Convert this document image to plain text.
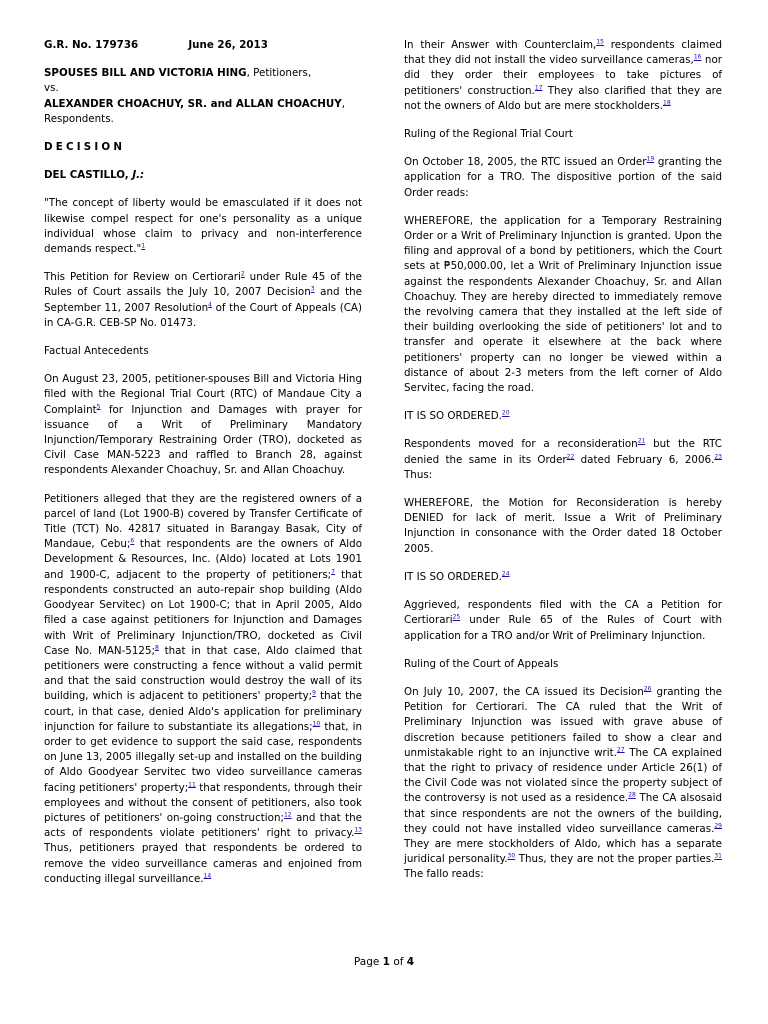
G.R. No. 179736	June 26, 2013
SPOUSES BILL AND VICTORIA HING, Petitioners,
vs.
ALEXANDER CHOACHUY, SR. and ALLAN CHOACHUY, Respondents.
DECISION
DEL CASTILLO, J.:
"The concept of liberty would be emasculated if it does not likewise compel respect for one's personality as a unique individual whose claim to privacy and non-interference demands respect."$^1$
This Petition for Review on Certiorari$^2$ under Rule 45 of the Rules of Court assails the July 10, 2007 Decision$^3$ and the September 11, 2007 Resolution$^4$ of the Court of Appeals (CA) in CA-G.R. CEB-SP No. 01473.
Factual Antecedents
On August 23, 2005, petitioner-spouses Bill and Victoria Hing filed with the Regional Trial Court (RTC) of Mandaue City a Complaint$^5$ for Injunction and Damages with prayer for issuance of a Writ of Preliminary Mandatory Injunction/Temporary Restraining Order (TRO), docketed as Civil Case MAN-5223 and raffled to Branch 28, against respondents Alexander Choachuy, Sr. and Allan Choachuy.
Petitioners alleged that they are the registered owners of a parcel of land (Lot 1900-B) covered by Transfer Certificate of Title (TCT) No. 42817 situated in Barangay Basak, City of Mandaue, Cebu;$^6$ that respondents are the owners of Aldo Development & Resources, Inc. (Aldo) located at Lots 1901 and 1900-C, adjacent to the property of petitioners;$^7$ that respondents constructed an auto-repair shop building (Aldo Goodyear Servitec) on Lot 1900-C; that in April 2005, Aldo filed a case against petitioners for Injunction and Damages with Writ of Preliminary Injunction/TRO, docketed as Civil Case No. MAN-5125;$^8$ that in that case, Aldo claimed that petitioners were constructing a fence without a valid permit and that the said construction would destroy the wall of its building, which is adjacent to petitioners' property;$^9$ that the court, in that case, denied Aldo's application for preliminary injunction for failure to substantiate its allegations;$^{10}$ that, in order to get evidence to support the said case, respondents on June 13, 2005 illegally set-up and installed on the building of Aldo Goodyear Servitec two video surveillance cameras facing petitioners' property;$^{11}$ that respondents, through their employees and without the consent of petitioners, also took pictures of petitioners' on-going construction;$^{12}$ and that the acts of respondents violate petitioners' right to privacy.$^{13}$ Thus, petitioners prayed that respondents be ordered to remove the video surveillance cameras and enjoined from conducting illegal surveillance.$^{14}$
In their Answer with Counterclaim,$^{15}$ respondents claimed that they did not install the video surveillance cameras,$^{16}$ nor did they order their employees to take pictures of petitioners' construction.$^{17}$ They also clarified that they are not the owners of Aldo but are mere stockholders.$^{18}$
Ruling of the Regional Trial Court
On October 18, 2005, the RTC issued an Order$^{19}$ granting the application for a TRO. The dispositive portion of the said Order reads:
WHEREFORE, the application for a Temporary Restraining Order or a Writ of Preliminary Injunction is granted. Upon the filing and approval of a bond by petitioners, which the Court sets at ₱50,000.00, let a Writ of Preliminary Injunction issue against the respondents Alexander Choachuy, Sr. and Allan Choachuy. They are hereby directed to immediately remove the revolving camera that they installed at the left side of their building overlooking the side of petitioners' lot and to transfer and operate it elsewhere at the back where petitioners' property can no longer be viewed within a distance of about 2-3 meters from the left corner of Aldo Servitec, facing the road.
IT IS SO ORDERED.$^{20}$
Respondents moved for a reconsideration$^{21}$ but the RTC denied the same in its Order$^{22}$ dated February 6, 2006.23 Thus:
WHEREFORE, the Motion for Reconsideration is hereby DENIED for lack of merit. Issue a Writ of Preliminary Injunction in consonance with the Order dated 18 October 2005.
IT IS SO ORDERED.$^{24}$
Aggrieved, respondents filed with the CA a Petition for Certiorari$^{25}$ under Rule 65 of the Rules of Court with application for a TRO and/or Writ of Preliminary Injunction.
Ruling of the Court of Appeals
On July 10, 2007, the CA issued its Decision$^{26}$ granting the Petition for Certiorari. The CA ruled that the Writ of Preliminary Injunction was issued with grave abuse of discretion because petitioners failed to show a clear and unmistakable right to an injunctive writ.$^{27}$ The CA explained that the right to privacy of residence under Article 26(1) of the Civil Code was not violated since the property subject of the controversy is not used as a residence.$^{28}$ The CA alsosaid that since respondents are not the owners of the building, they could not have installed video surveillance cameras.$^{29}$ They are mere stockholders of Aldo, which has a separate juridical personality.$^{30}$ Thus, they are not the proper parties.$^{31}$ The fallo reads:
Page 1 of 4
